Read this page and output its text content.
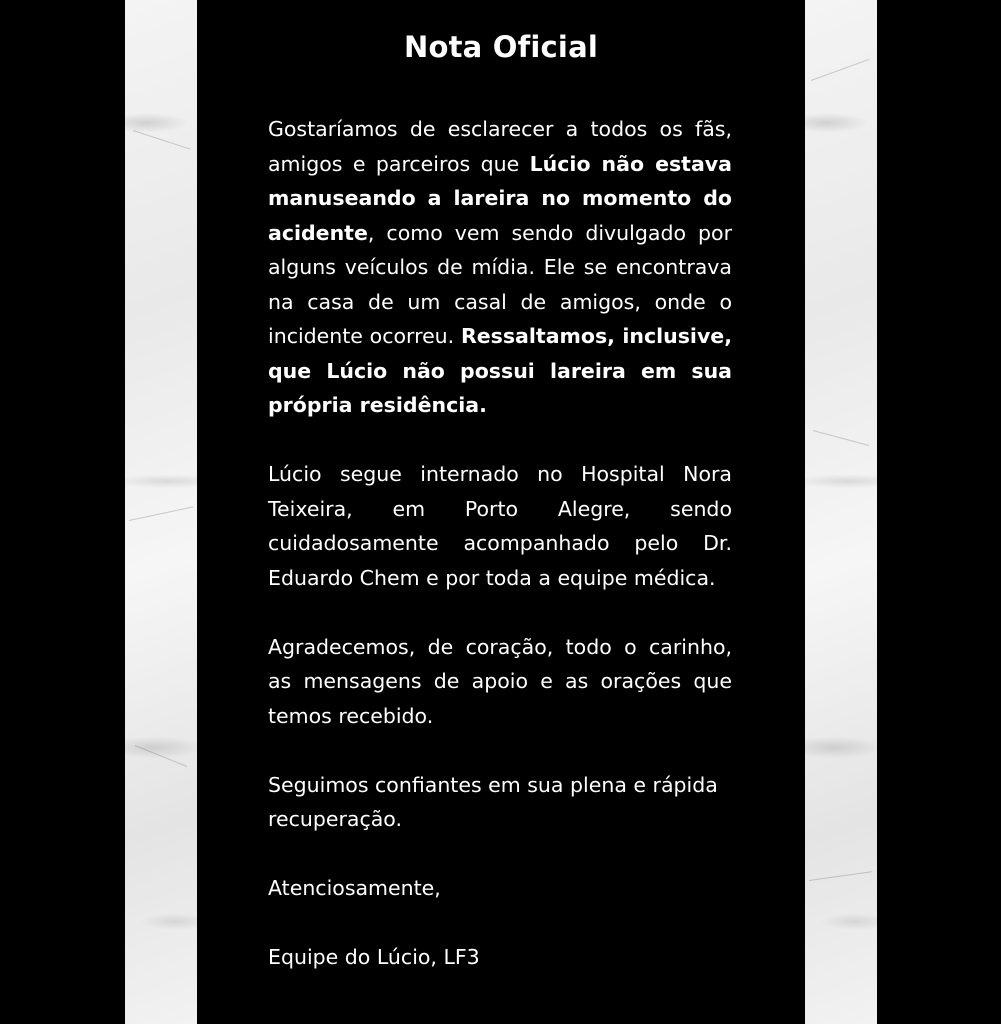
Nota Oficial

Gostaríamos de esclarecer a todos os fãs, amigos e parceiros que Lúcio não estava manuseando a lareira no momento do acidente, como vem sendo divulgado por alguns veículos de mídia. Ele se encontrava na casa de um casal de amigos, onde o incidente ocorreu. Ressaltamos, inclusive, que Lúcio não possui lareira em sua própria residência.

Lúcio segue internado no Hospital Nora Teixeira, em Porto Alegre, sendo cuidadosamente acompanhado pelo Dr. Eduardo Chem e por toda a equipe médica.

Agradecemos, de coração, todo o carinho, as mensagens de apoio e as orações que temos recebido.

Seguimos confiantes em sua plena e rápida recuperação.

Atenciosamente,

Equipe do Lúcio, LF3
